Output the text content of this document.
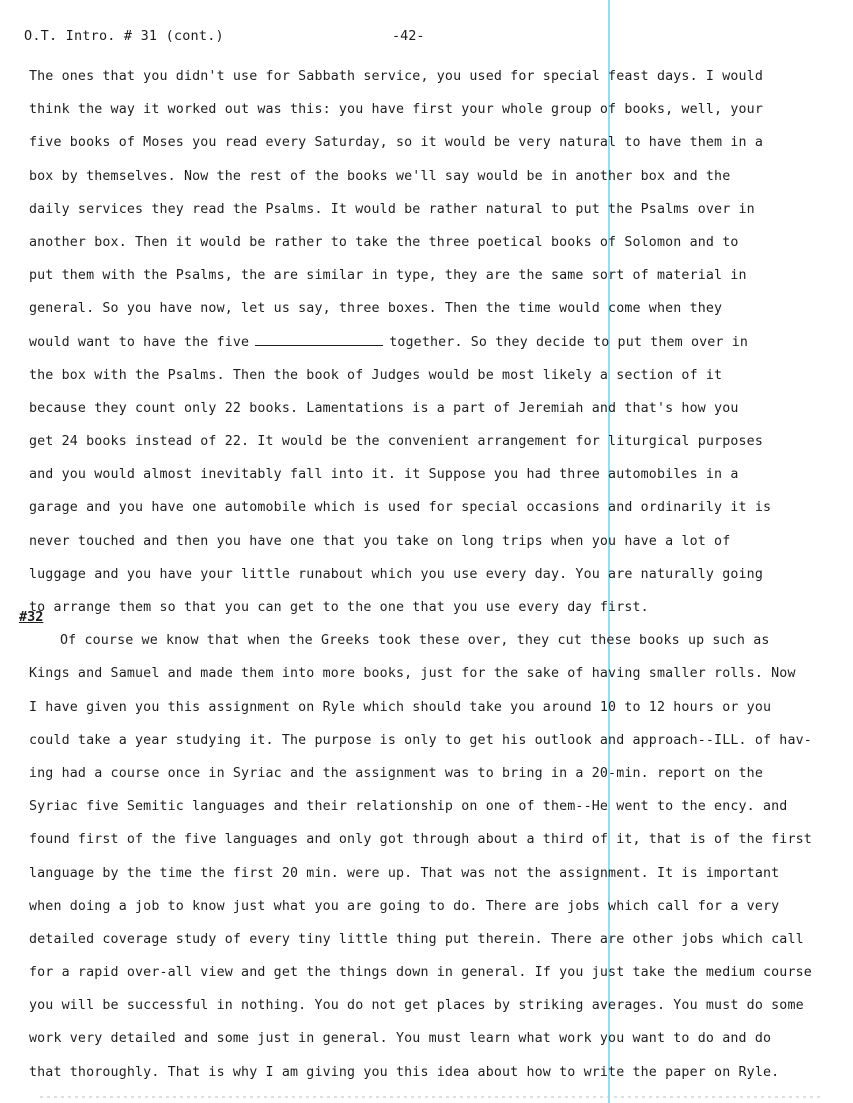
O.T. Intro. # 31 (cont.)	-42-
The ones that you didn't use for Sabbath service, you used for special feast days. I would
think the way it worked out was this: you have first your whole group of books, well, your
five books of Moses you read every Saturday, so it would be very natural to have them in a
box by themselves. Now the rest of the books we'll say would be in another box and the
daily services they read the Psalms. It would be rather natural to put the Psalms over in
another box. Then it would be rather to take the three poetical books of Solomon and to
put them with the Psalms, the are similar in type, they are the same sort of material in
general. So you have now, let us say, three boxes. Then the time would come when they
would want to have the five	together. So they decide to put them over in
the box with the Psalms. Then the book of Judges would be most likely a section of it
because they count only 22 books. Lamentations is a part of Jeremiah and that's how you
get 24 books instead of 22. It would be the convenient arrangement for liturgical purposes
and you would almost inevitably fall into it. it Suppose you had three automobiles in a
garage and you have one automobile which is used for special occasions and ordinarily it is
never touched and then you have one that you take on long trips when you have a lot of
luggage and you have your little runabout which you use every day. You are naturally going
to arrange them so that you can get to the one that you use every day first.
Of course we know that when the Greeks took these over, they cut these books up such as
Kings and Samuel and made them into more books, just for the sake of having smaller rolls. Now
I have given you this assignment on Ryle which should take you around 10 to 12 hours or you
could take a year studying it. The purpose is only to get his outlook and approach--ILL. of hav-
ing had a course once in Syriac and the assignment was to bring in a 20-min. report on the
Syriac five Semitic languages and their relationship on one of them--He went to the ency. and
found first of the five languages and only got through about a third of it, that is of the first
language by the time the first 20 min. were up. That was not the assignment. It is important
when doing a job to know just what you are going to do. There are jobs which call for a very
detailed coverage study of every tiny little thing put therein. There are other jobs which call
for a rapid over-all view and get the things down in general. If you just take the medium course
you will be successful in nothing. You do not get places by striking averages. You must do some
work very detailed and some just in general. You must learn what work you want to do and do
that thoroughly. That is why I am giving you this idea about how to write the paper on Ryle.
#32
